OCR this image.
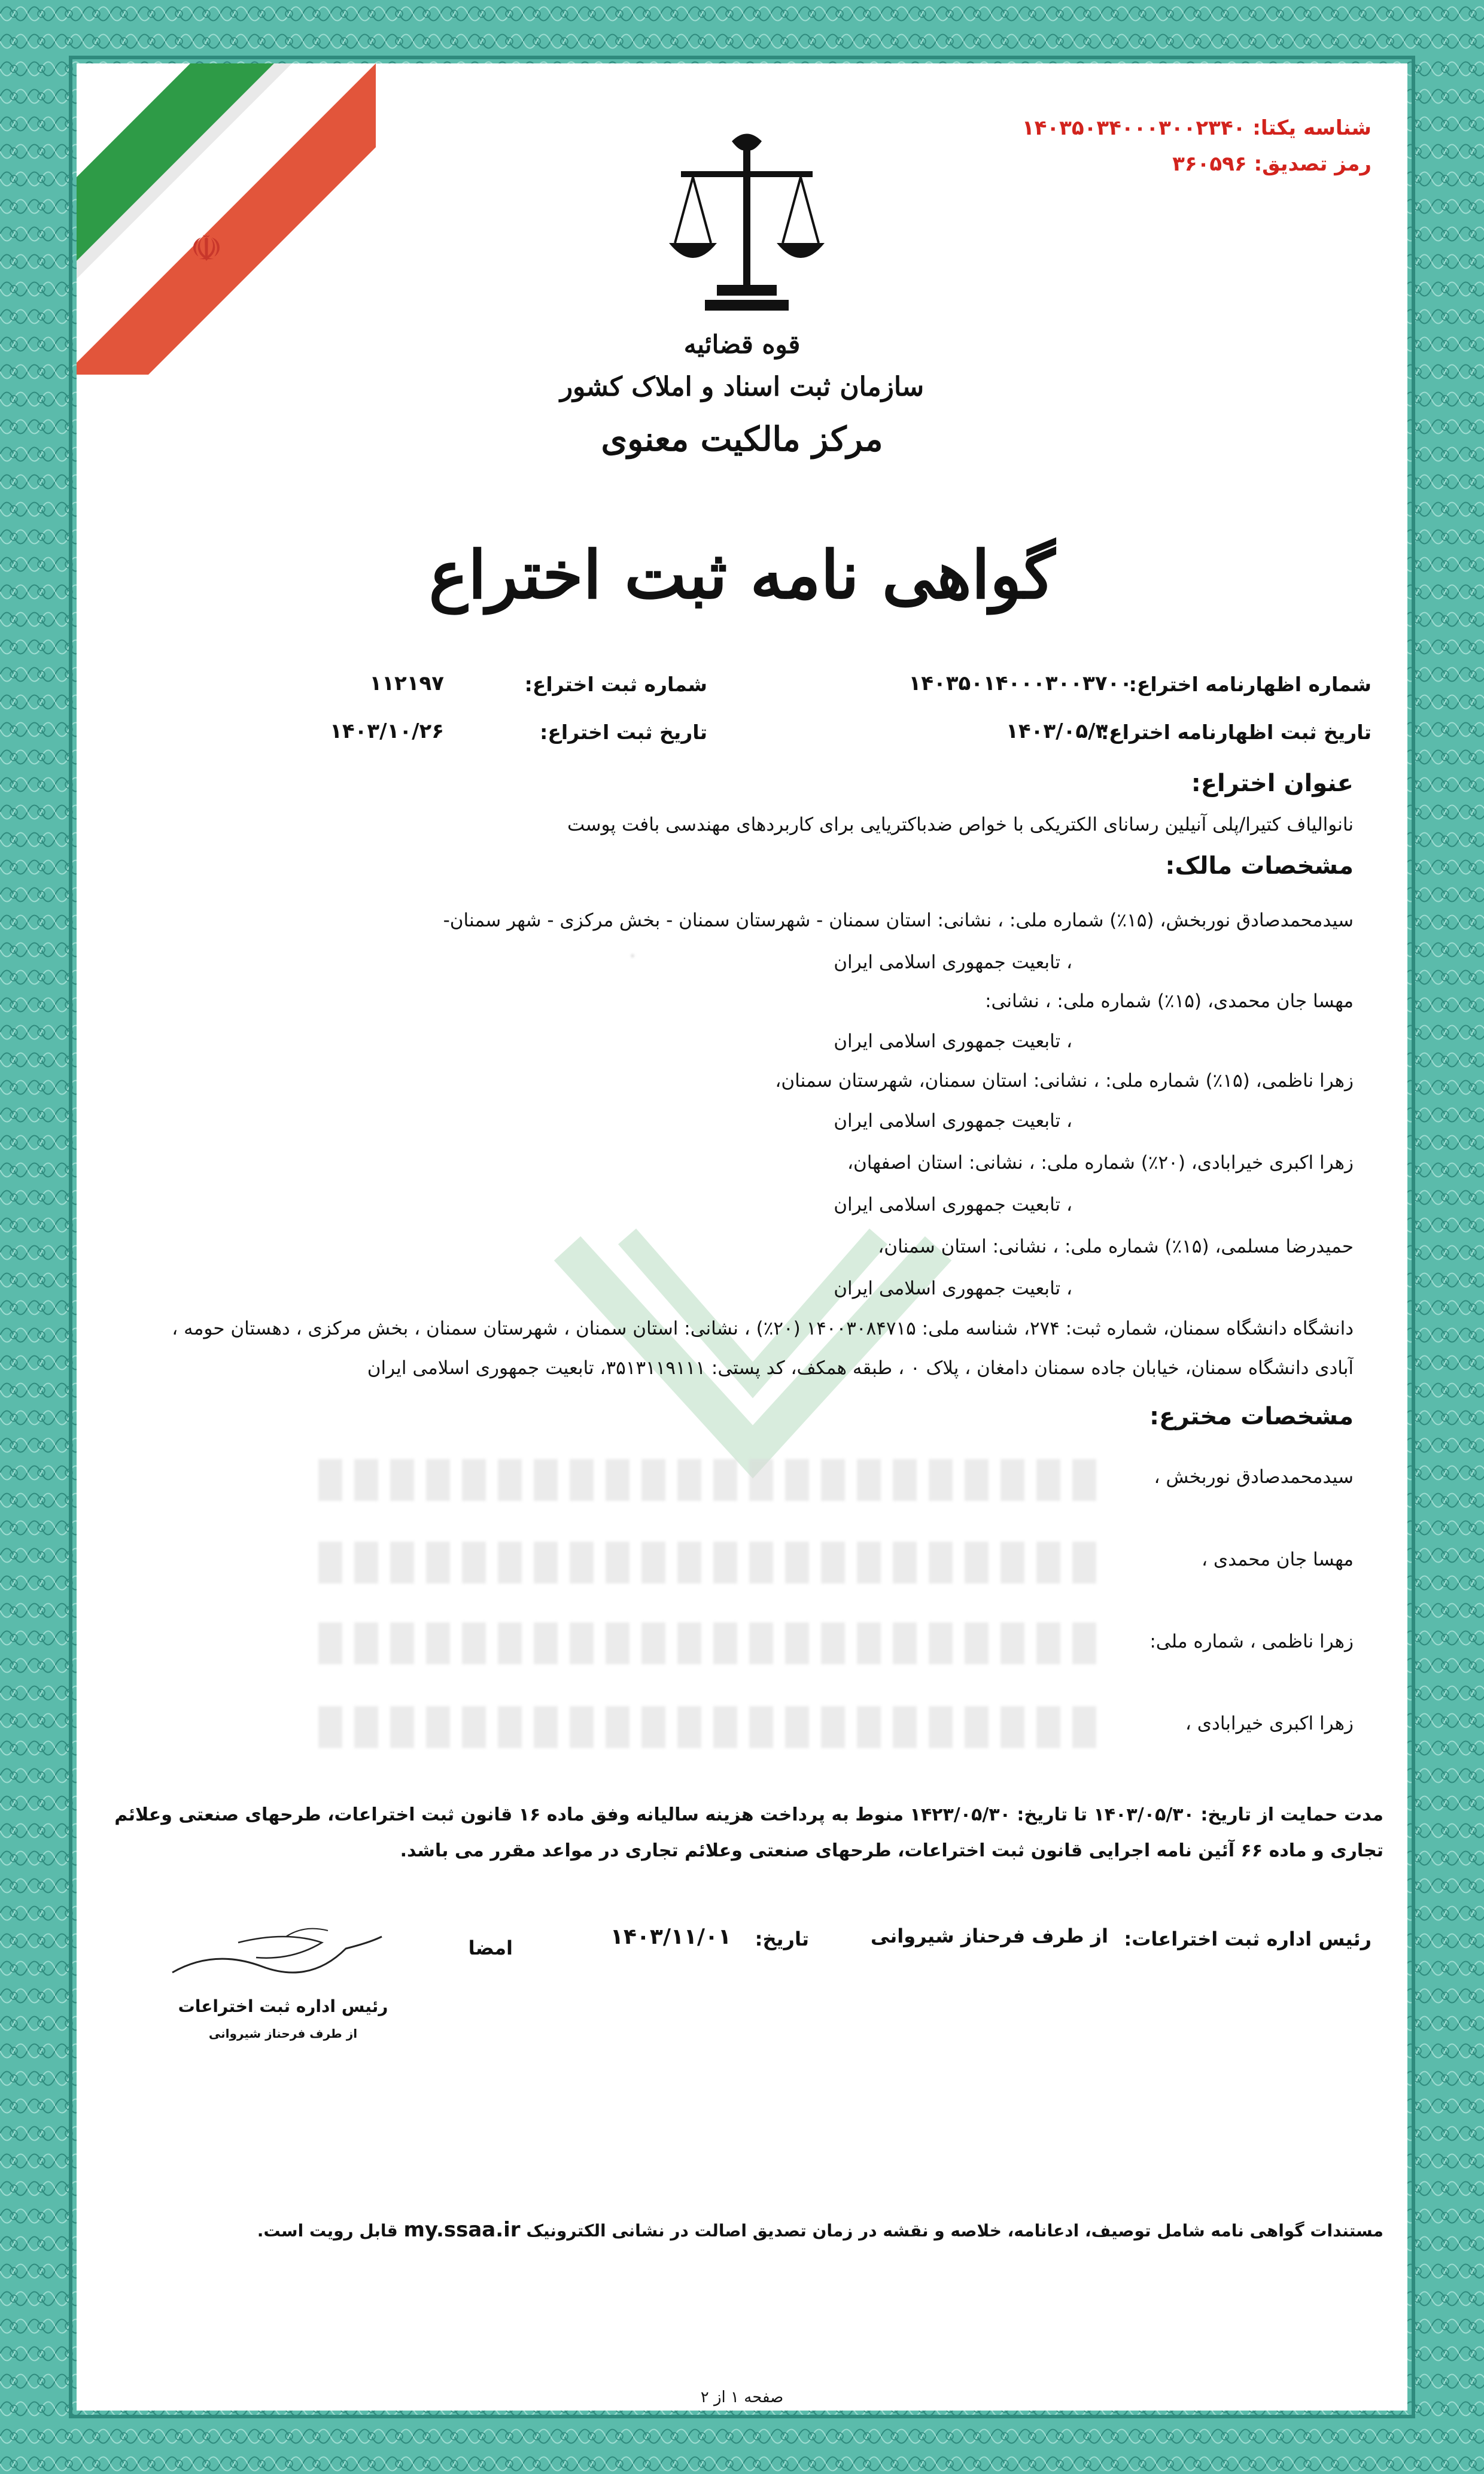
☫
شناسه یکتا: ۱۴۰۳۵۰۳۴۰۰۰۳۰۰۲۳۴۰
رمز تصدیق: ۳۶۰۵۹۶
قوه قضائیه
سازمان ثبت اسناد و املاک کشور
مرکز مالکیت معنوی
گواهی نامه ثبت اختراع
شماره اظهارنامه اختراع:
۱۴۰۳۵۰۱۴۰۰۰۳۰۰۳۷۰۰
شماره ثبت اختراع:
۱۱۲۱۹۷
تاریخ ثبت اظهارنامه اختراع:
۱۴۰۳/۰۵/۳۰
تاریخ ثبت اختراع:
۱۴۰۳/۱۰/۲۶
عنوان اختراع:
نانوالیاف کتیرا/پلی آنیلین رسانای الکتریکی با خواص ضدباکتریایی برای کاربردهای مهندسی بافت پوست
مشخصات مالک:
سیدمحمدصادق نوربخش، (۱۵٪) شماره ملی: ، نشانی: استان سمنان - شهرستان سمنان - بخش مرکزی - شهر سمنان-
·	، تابعیت جمهوری اسلامی ایران
مهسا جان محمدی، (۱۵٪) شماره ملی: ، نشانی:
، تابعیت جمهوری اسلامی ایران
زهرا ناظمی، (۱۵٪) شماره ملی: ، نشانی: استان سمنان، شهرستان سمنان،
، تابعیت جمهوری اسلامی ایران
زهرا اکبری خیرابادی، (۲۰٪) شماره ملی: ، نشانی: استان اصفهان،
، تابعیت جمهوری اسلامی ایران
حمیدرضا مسلمی، (۱۵٪) شماره ملی: ، نشانی: استان سمنان،
، تابعیت جمهوری اسلامی ایران
دانشگاه دانشگاه سمنان، شماره ثبت: ۲۷۴، شناسه ملی: ۱۴۰۰۳۰۸۴۷۱۵ (۲۰٪) ، نشانی: استان سمنان ، شهرستان سمنان ، بخش مرکزی ، دهستان حومه ،
آبادی دانشگاه سمنان، خیابان جاده سمنان دامغان ، پلاک ۰ ، طبقه همکف، کد پستی: ۳۵۱۳۱۱۹۱۱۱، تابعیت جمهوری اسلامی ایران
مشخصات مخترع:
سیدمحمدصادق نوربخش ،
مهسا جان محمدی ،
زهرا ناظمی ، شماره ملی:
زهرا اکبری خیرابادی ،
مدت حمایت از تاریخ: ۱۴۰۳/۰۵/۳۰ تا تاریخ: ۱۴۲۳/۰۵/۳۰ منوط به پرداخت هزینه سالیانه وفق ماده ۱۶ قانون ثبت اختراعات، طرحهای صنعتی وعلائم
تجاری و ماده ۶۶ آئین نامه اجرایی قانون ثبت اختراعات، طرحهای صنعتی وعلائم تجاری در مواعد مقرر می باشد.
رئیس اداره ثبت اختراعات:
از طرف فرحناز شیروانی
تاریخ:
۱۴۰۳/۱۱/۰۱
امضا
رئیس اداره ثبت اختراعات
از طرف فرحناز شیروانی
مستندات گواهی نامه شامل توصیف، ادعانامه، خلاصه و نقشه در زمان تصدیق اصالت در نشانی الکترونیک my.ssaa.ir قابل رویت است.
صفحه ۱ از ۲
